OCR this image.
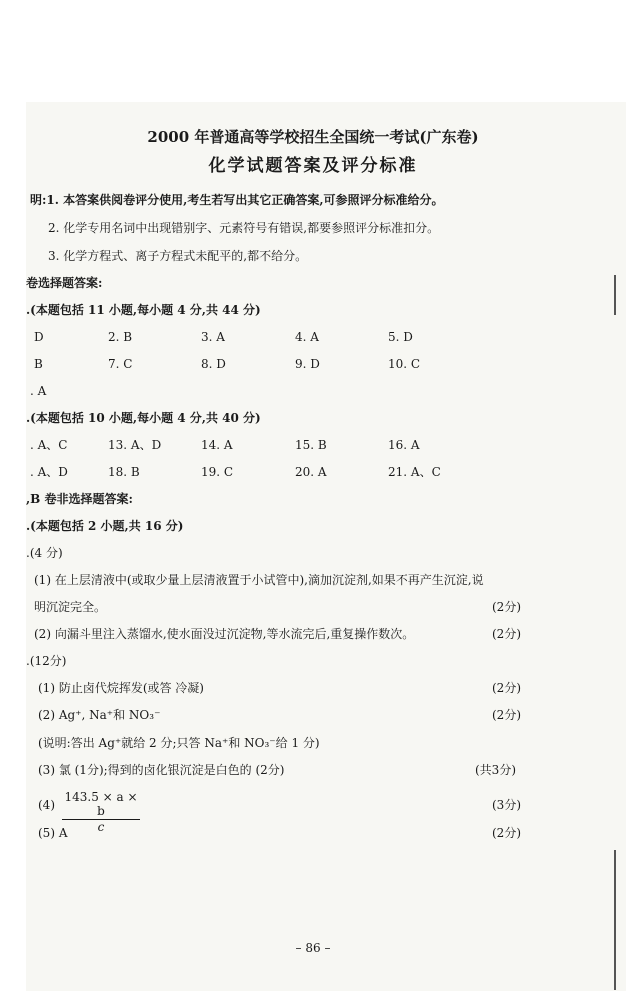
2000 年普通高等学校招生全国统一考试(广东卷)
化学试题答案及评分标准
明:1. 本答案供阅卷评分使用,考生若写出其它正确答案,可参照评分标准给分。
2. 化学专用名词中出现错别字、元素符号有错误,都要参照评分标准扣分。
3. 化学方程式、离子方程式未配平的,都不给分。
卷选择题答案:
.(本题包括 11 小题,每小题 4 分,共 44 分)
D	2. B	3. A	4. A	5. D
B	7. C	8. D	9. D	10. C
. A
.(本题包括 10 小题,每小题 4 分,共 40 分)
. A、C	13. A、D	14. A	15. B	16. A
. A、D	18. B	19. C	20. A	21. A、C
,B 卷非选择题答案:
.(本题包括 2 小题,共 16 分)
.(4 分)
(1) 在上层清液中(或取少量上层清液置于小试管中),滴加沉淀剂,如果不再产生沉淀,说
明沉淀完全。	(2分)
(2) 向漏斗里注入蒸馏水,使水面没过沉淀物,等水流完后,重复操作数次。	(2分)
.(12分)
(1) 防止卤代烷挥发(或答 冷凝)	(2分)
(2) Ag⁺, Na⁺和 NO₃⁻	(2分)
(说明:答出 Ag⁺就给 2 分;只答 Na⁺和 NO₃⁻给 1 分)
(3) 氯 (1分);得到的卤化银沉淀是白色的 (2分)	(共3分)
$(4) \frac{143.5 \times a \times b}{c}$	(3分)
(5) A	(2分)
– 86 –
